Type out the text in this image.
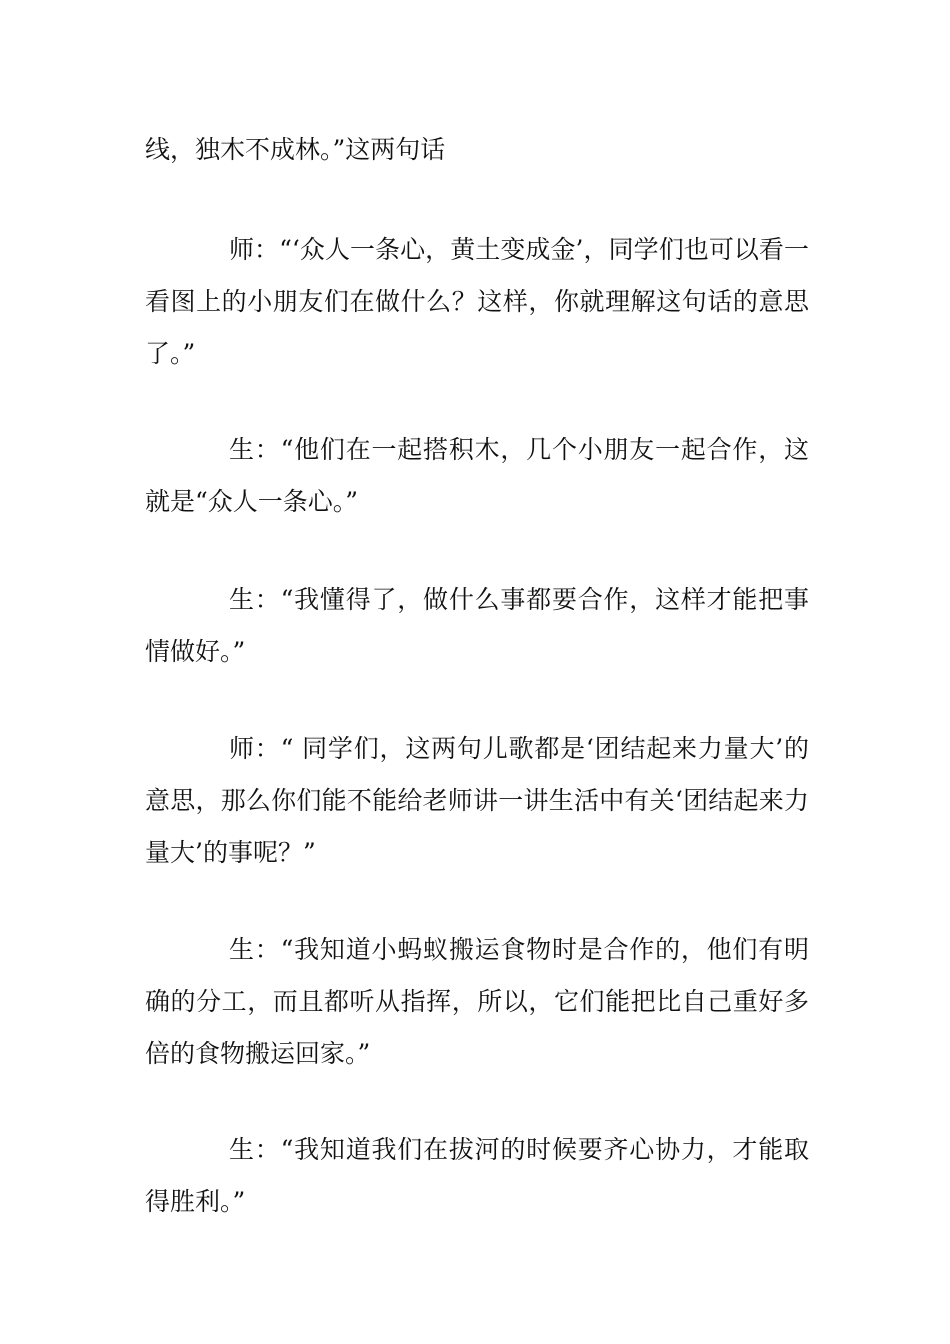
线，独木不成林。”这两句话

师：“‘众人一条心，黄土变成金’，同学们也可以看一看图上的小朋友们在做什么？这样，你就理解这句话的意思了。”

生：“他们在一起搭积木，几个小朋友一起合作，这就是“众人一条心。”

生：“我懂得了，做什么事都要合作，这样才能把事情做好。”

师：“ 同学们，这两句儿歌都是‘团结起来力量大’的意思，那么你们能不能给老师讲一讲生活中有关‘团结起来力量大’的事呢？”

生：“我知道小蚂蚁搬运食物时是合作的，他们有明确的分工，而且都听从指挥，所以，它们能把比自己重好多倍的食物搬运回家。”

生：“我知道我们在拔河的时候要齐心协力，才能取得胜利。”
